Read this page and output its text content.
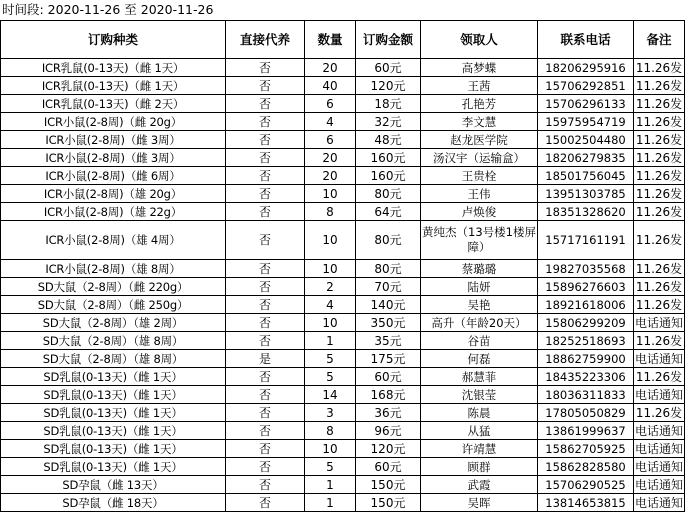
时间段: 2020-11-26 至 2020-11-26
订购种类	直接代养	数量	订购金额	领取人	联系电话	备注
ICR乳鼠(0-13天)（雌 1天）	否	20	60元	高梦蝶	18206295916	11.26发
ICR乳鼠(0-13天)（雌 1天）	否	40	120元	王茜	15706292851	11.26发
ICR乳鼠(0-13天)（雌 2天）	否	6	18元	孔艳芳	15706296133	11.26发
ICR小鼠(2-8周)（雌 20g）	否	4	32元	李文慧	15975954719	11.26发
ICR小鼠(2-8周)（雌 3周）	否	6	48元	赵龙医学院	15002504480	11.26发
ICR小鼠(2-8周)（雌 3周）	否	20	160元	汤汉宇（运输盒）	18206279835	11.26发
ICR小鼠(2-8周)（雌 6周）	否	20	160元	王贵栓	18501756045	11.26发
ICR小鼠(2-8周)（雄 20g）	否	10	80元	王伟	13951303785	11.26发
ICR小鼠(2-8周)（雄 22g）	否	8	64元	卢焕俊	18351328620	11.26发
ICR小鼠(2-8周)（雄 4周）	否	10	80元	黄纯杰（13号楼1楼屏障）	15717161191	11.26发
ICR小鼠(2-8周)（雄 8周）	否	10	80元	蔡璐璐	19827035568	11.26发
SD大鼠（2-8周）（雌 220g）	否	2	70元	陆妍	15896276603	11.26发
SD大鼠（2-8周）（雌 250g）	否	4	140元	吴艳	18921618006	11.26发
SD大鼠（2-8周）（雄 2周）	否	10	350元	高升（年龄20天）	15806299209	电话通知
SD大鼠（2-8周）（雄 8周）	否	1	35元	谷苗	18252518693	11.26发
SD大鼠（2-8周）（雄 8周）	是	5	175元	何磊	18862759900	电话通知
SD乳鼠(0-13天)（雌 1天）	否	5	60元	郝慧菲	18435223306	11.26发
SD乳鼠(0-13天)（雌 1天）	否	14	168元	沈银莹	18036311833	电话通知
SD乳鼠(0-13天)（雌 1天）	否	3	36元	陈晨	17805050829	11.26发
SD乳鼠(0-13天)（雌 1天）	否	8	96元	从猛	13861999637	电话通知
SD乳鼠(0-13天)（雌 1天）	否	10	120元	许靖慧	15862705925	电话通知
SD乳鼠(0-13天)（雌 1天）	否	5	60元	顾群	15862828580	电话通知
SD孕鼠（雌 13天）	否	1	150元	武霞	15706290525	电话通知
SD孕鼠（雌 18天）	否	1	150元	吴晖	13814653815	电话通知
